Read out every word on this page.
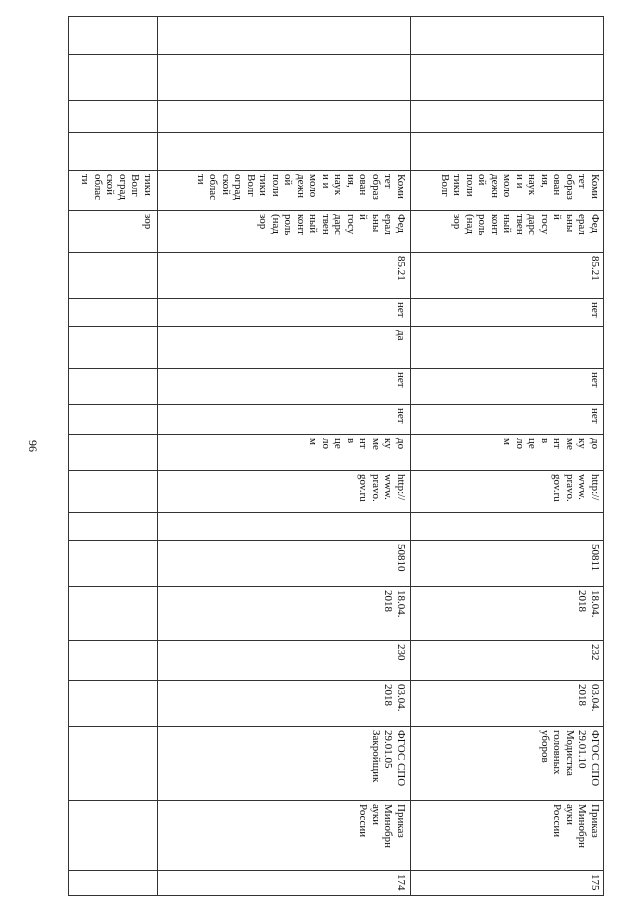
96
тики
Волг
оград
ской
облас
ти
зор
Коми
тет
образ
ован
ия,
наук
и и
моло
дежн
ой
поли
тики
Волг
оград
ской
облас
ти
Фед
ерал
ьны
й
госу
дарс
твен
ный
конт
роль
(над
зор
85.21
нет
да
нет
нет
до
ку
ме
нт
в
це
ло
м
http://
www.
pravo.
gov.ru
50810
18.04.
2018
230
03.04.
2018
ФГОС СПО
29.01.05
Закройщик
Приказ
Минобрн
ауки
России
174
Коми
тет
образ
ован
ия,
наук
и и
моло
дежн
ой
поли
тики
Волг
Фед
ерал
ьны
й
госу
дарс
твен
ный
конт
роль
(над
зор
85.21
нет
нет
нет
до
ку
ме
нт
в
це
ло
м
http://
www.
pravo.
gov.ru
50811
18.04.
2018
232
03.04.
2018
ФГОС СПО
29.01.10
Модистка
головных
уборов
Приказ
Минобрн
ауки
России
175
